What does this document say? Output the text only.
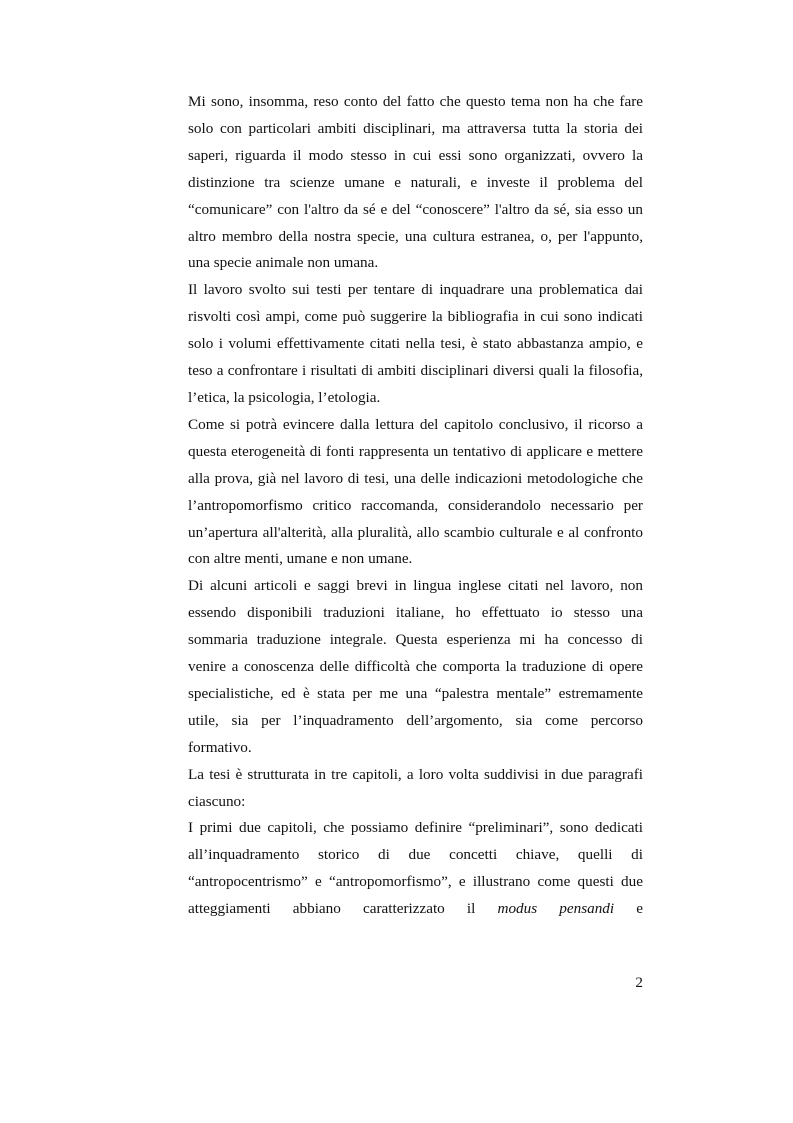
Mi sono, insomma, reso conto del fatto che questo tema non ha che fare solo con particolari ambiti disciplinari, ma attraversa tutta la storia dei saperi, riguarda il modo stesso in cui essi sono organizzati, ovvero la distinzione tra scienze umane e naturali, e investe il problema del “comunicare” con l'altro da sé e del “conoscere” l'altro da sé, sia esso un altro membro della nostra specie, una cultura estranea, o, per l'appunto, una specie animale non umana.

Il lavoro svolto sui testi per tentare di inquadrare una problematica dai risvolti così ampi, come può suggerire la bibliografia in cui sono indicati solo i volumi effettivamente citati nella tesi, è stato abbastanza ampio, e teso a confrontare i risultati di ambiti disciplinari diversi quali la filosofia, l’etica, la psicologia, l’etologia.

Come si potrà evincere dalla lettura del capitolo conclusivo, il ricorso a questa eterogeneità di fonti rappresenta un tentativo di applicare e mettere alla prova, già nel lavoro di tesi, una delle indicazioni metodologiche che l’antropomorfismo critico raccomanda, considerandolo necessario per un’apertura all'alterità, alla pluralità, allo scambio culturale e al confronto con altre menti, umane e non umane.

Di alcuni articoli e saggi brevi in lingua inglese citati nel lavoro, non essendo disponibili traduzioni italiane, ho effettuato io stesso una sommaria traduzione integrale. Questa esperienza mi ha concesso di venire a conoscenza delle difficoltà che comporta la traduzione di opere specialistiche, ed è stata per me una “palestra mentale” estremamente utile, sia per l’inquadramento dell’argomento, sia come percorso formativo.

La tesi è strutturata in tre capitoli, a loro volta suddivisi in due paragrafi ciascuno:

I primi due capitoli, che possiamo definire “preliminari”, sono dedicati all’inquadramento storico di due concetti chiave, quelli di “antropocentrismo” e “antropomorfismo”, e illustrano come questi due atteggiamenti abbiano caratterizzato il modus pensandi e

2
